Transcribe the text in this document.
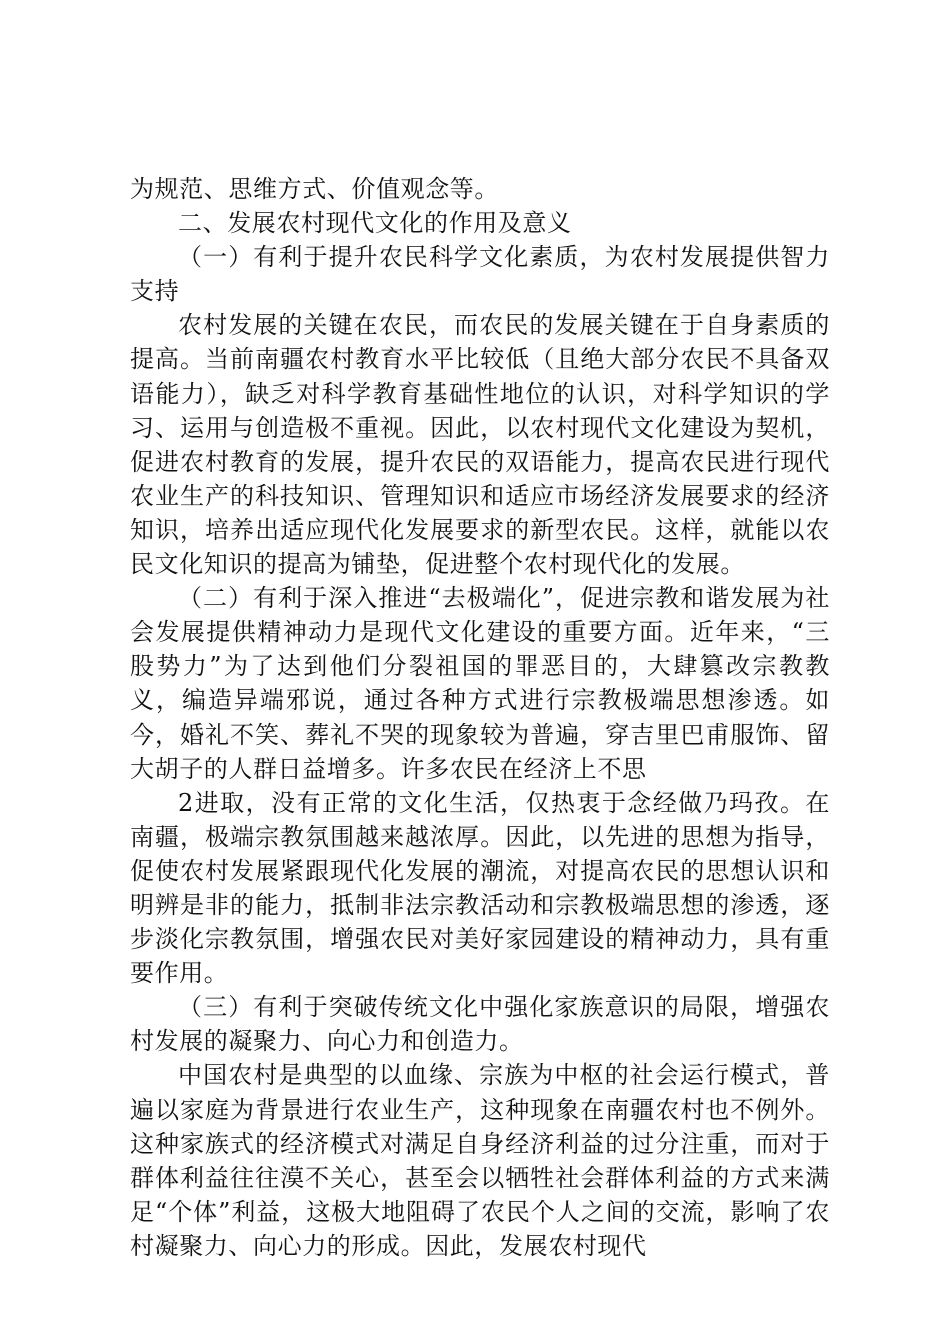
为规范、思维方式、价值观念等。

二、发展农村现代文化的作用及意义

（一）有利于提升农民科学文化素质，为农村发展提供智力支持

农村发展的关键在农民，而农民的发展关键在于自身素质的提高。当前南疆农村教育水平比较低（且绝大部分农民不具备双语能力），缺乏对科学教育基础性地位的认识，对科学知识的学习、运用与创造极不重视。因此，以农村现代文化建设为契机，促进农村教育的发展，提升农民的双语能力，提高农民进行现代农业生产的科技知识、管理知识和适应市场经济发展要求的经济知识，培养出适应现代化发展要求的新型农民。这样，就能以农民文化知识的提高为铺垫，促进整个农村现代化的发展。

（二）有利于深入推进“去极端化”，促进宗教和谐发展为社会发展提供精神动力是现代文化建设的重要方面。近年来，“三股势力”为了达到他们分裂祖国的罪恶目的，大肆篡改宗教教义，编造异端邪说，通过各种方式进行宗教极端思想渗透。如今，婚礼不笑、葬礼不哭的现象较为普遍，穿吉里巴甫服饰、留大胡子的人群日益增多。许多农民在经济上不思

2进取，没有正常的文化生活，仅热衷于念经做乃玛孜。在南疆，极端宗教氛围越来越浓厚。因此，以先进的思想为指导，促使农村发展紧跟现代化发展的潮流，对提高农民的思想认识和明辨是非的能力，抵制非法宗教活动和宗教极端思想的渗透，逐步淡化宗教氛围，增强农民对美好家园建设的精神动力，具有重要作用。

（三）有利于突破传统文化中强化家族意识的局限，增强农村发展的凝聚力、向心力和创造力。

中国农村是典型的以血缘、宗族为中枢的社会运行模式，普遍以家庭为背景进行农业生产，这种现象在南疆农村也不例外。这种家族式的经济模式对满足自身经济利益的过分注重，而对于群体利益往往漠不关心，甚至会以牺牲社会群体利益的方式来满足“个体”利益，这极大地阻碍了农民个人之间的交流，影响了农村凝聚力、向心力的形成。因此，发展农村现代
